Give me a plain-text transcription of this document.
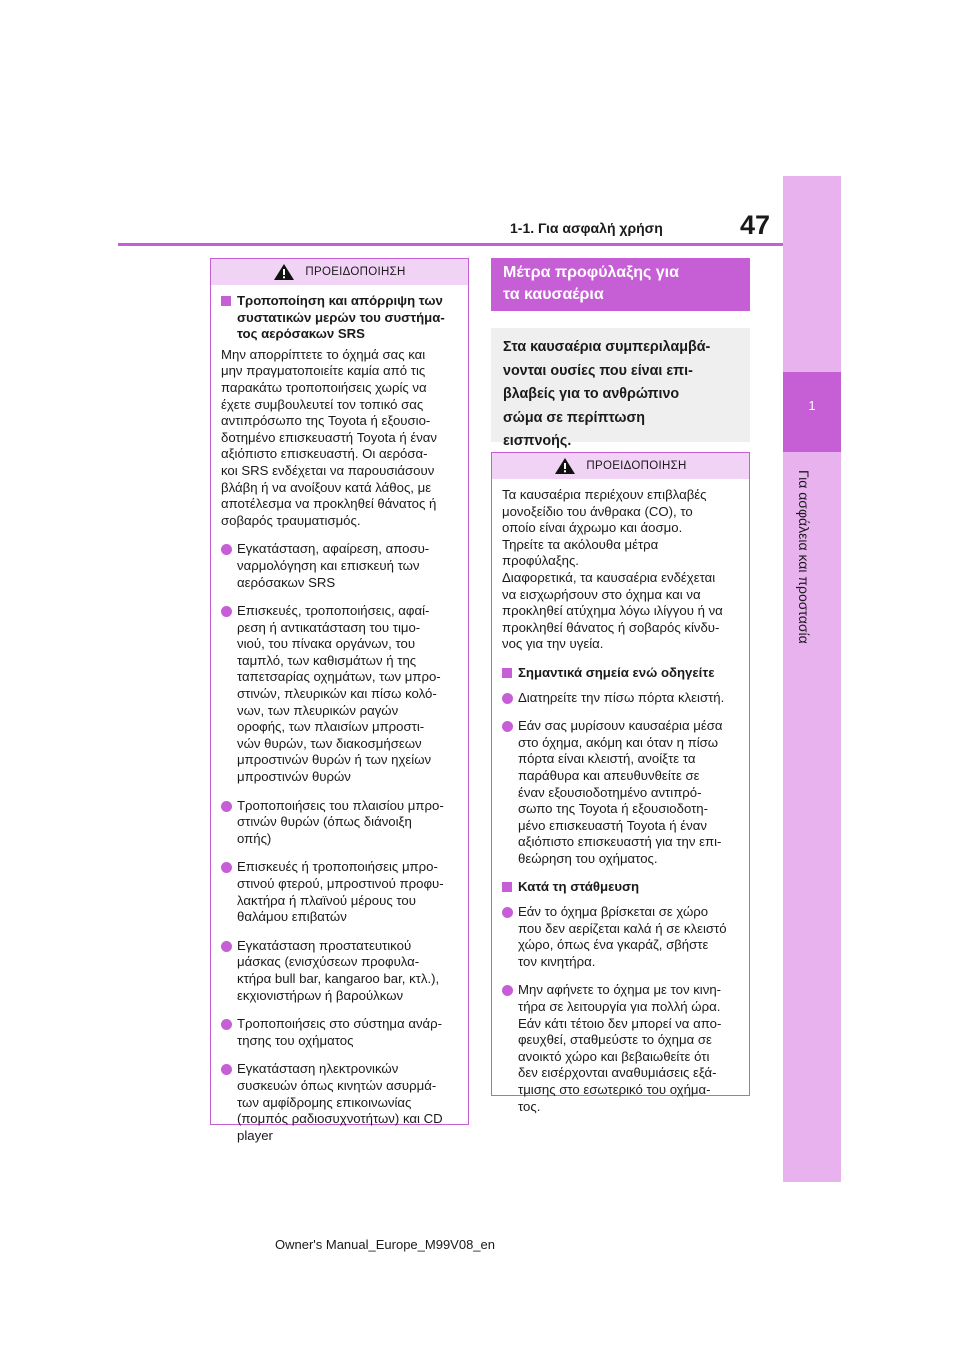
47
1-1. Για ασφαλή χρήση
1
Για ασφάλεια και προστασία
ΠΡΟΕΙΔΟΠΟΙΗΣΗ
Τροποποίηση και απόρριψη των
συστατικών μερών του συστήμα-
τος αερόσακων SRS
Μην απορρίπτετε το όχημά σας και
μην πραγματοποιείτε καμία από τις
παρακάτω τροποποιήσεις χωρίς να
έχετε συμβουλευτεί τον τοπικό σας
αντιπρόσωπο της Toyota ή εξουσιο-
δοτημένο επισκευαστή Toyota ή έναν
αξιόπιστο επισκευαστή. Οι αερόσα-
κοι SRS ενδέχεται να παρουσιάσουν
βλάβη ή να ανοίξουν κατά λάθος, με
αποτέλεσμα να προκληθεί θάνατος ή
σοβαρός τραυματισμός.
Εγκατάσταση, αφαίρεση, αποσυ-
ναρμολόγηση και επισκευή των
αερόσακων SRS
Επισκευές, τροποποιήσεις, αφαί-
ρεση ή αντικατάσταση του τιμο-
νιού, του πίνακα οργάνων, του
ταμπλό, των καθισμάτων ή της
ταπετσαρίας οχημάτων, των μπρο-
στινών, πλευρικών και πίσω κολό-
νων, των πλευρικών ραγών
οροφής, των πλαισίων μπροστι-
νών θυρών, των διακοσμήσεων
μπροστινών θυρών ή των ηχείων
μπροστινών θυρών
Τροποποιήσεις του πλαισίου μπρο-
στινών θυρών (όπως διάνοιξη
οπής)
Επισκευές ή τροποποιήσεις μπρο-
στινού φτερού, μπροστινού προφυ-
λακτήρα ή πλαϊνού μέρους του
θαλάμου επιβατών
Εγκατάσταση προστατευτικού
μάσκας (ενισχύσεων προφυλα-
κτήρα bull bar, kangaroo bar, κτλ.),
εκχιονιστήρων ή βαρούλκων
Τροποποιήσεις στο σύστημα ανάρ-
τησης του οχήματος
Εγκατάσταση ηλεκτρονικών
συσκευών όπως κινητών ασυρμά-
των αμφίδρομης επικοινωνίας
(πομπός ραδιοσυχνοτήτων) και CD
player
Μέτρα προφύλαξης για
τα καυσαέρια
Στα καυσαέρια συμπεριλαμβά-
νονται ουσίες που είναι επι-
βλαβείς για το ανθρώπινο
σώμα σε περίπτωση
εισπνοής.
ΠΡΟΕΙΔΟΠΟΙΗΣΗ
Τα καυσαέρια περιέχουν επιβλαβές
μονοξείδιο του άνθρακα (CO), το
οποίο είναι άχρωμο και άοσμο.
Τηρείτε τα ακόλουθα μέτρα
προφύλαξης.
Διαφορετικά, τα καυσαέρια ενδέχεται
να εισχωρήσουν στο όχημα και να
προκληθεί ατύχημα λόγω ιλίγγου ή να
προκληθεί θάνατος ή σοβαρός κίνδυ-
νος για την υγεία.
Σημαντικά σημεία ενώ οδηγείτε
Διατηρείτε την πίσω πόρτα κλειστή.
Εάν σας μυρίσουν καυσαέρια μέσα
στο όχημα, ακόμη και όταν η πίσω
πόρτα είναι κλειστή, ανοίξτε τα
παράθυρα και απευθυνθείτε σε
έναν εξουσιοδοτημένο αντιπρό-
σωπο της Toyota ή εξουσιοδοτη-
μένο επισκευαστή Toyota ή έναν
αξιόπιστο επισκευαστή για την επι-
θεώρηση του οχήματος.
Κατά τη στάθμευση
Εάν το όχημα βρίσκεται σε χώρο
που δεν αερίζεται καλά ή σε κλειστό
χώρο, όπως ένα γκαράζ, σβήστε
τον κινητήρα.
Μην αφήνετε το όχημα με τον κινη-
τήρα σε λειτουργία για πολλή ώρα.
Εάν κάτι τέτοιο δεν μπορεί να απο-
φευχθεί, σταθμεύστε το όχημα σε
ανοικτό χώρο και βεβαιωθείτε ότι
δεν εισέρχονται αναθυμιάσεις εξά-
τμισης στο εσωτερικό του οχήμα-
τος.
Owner's Manual_Europe_M99V08_en
